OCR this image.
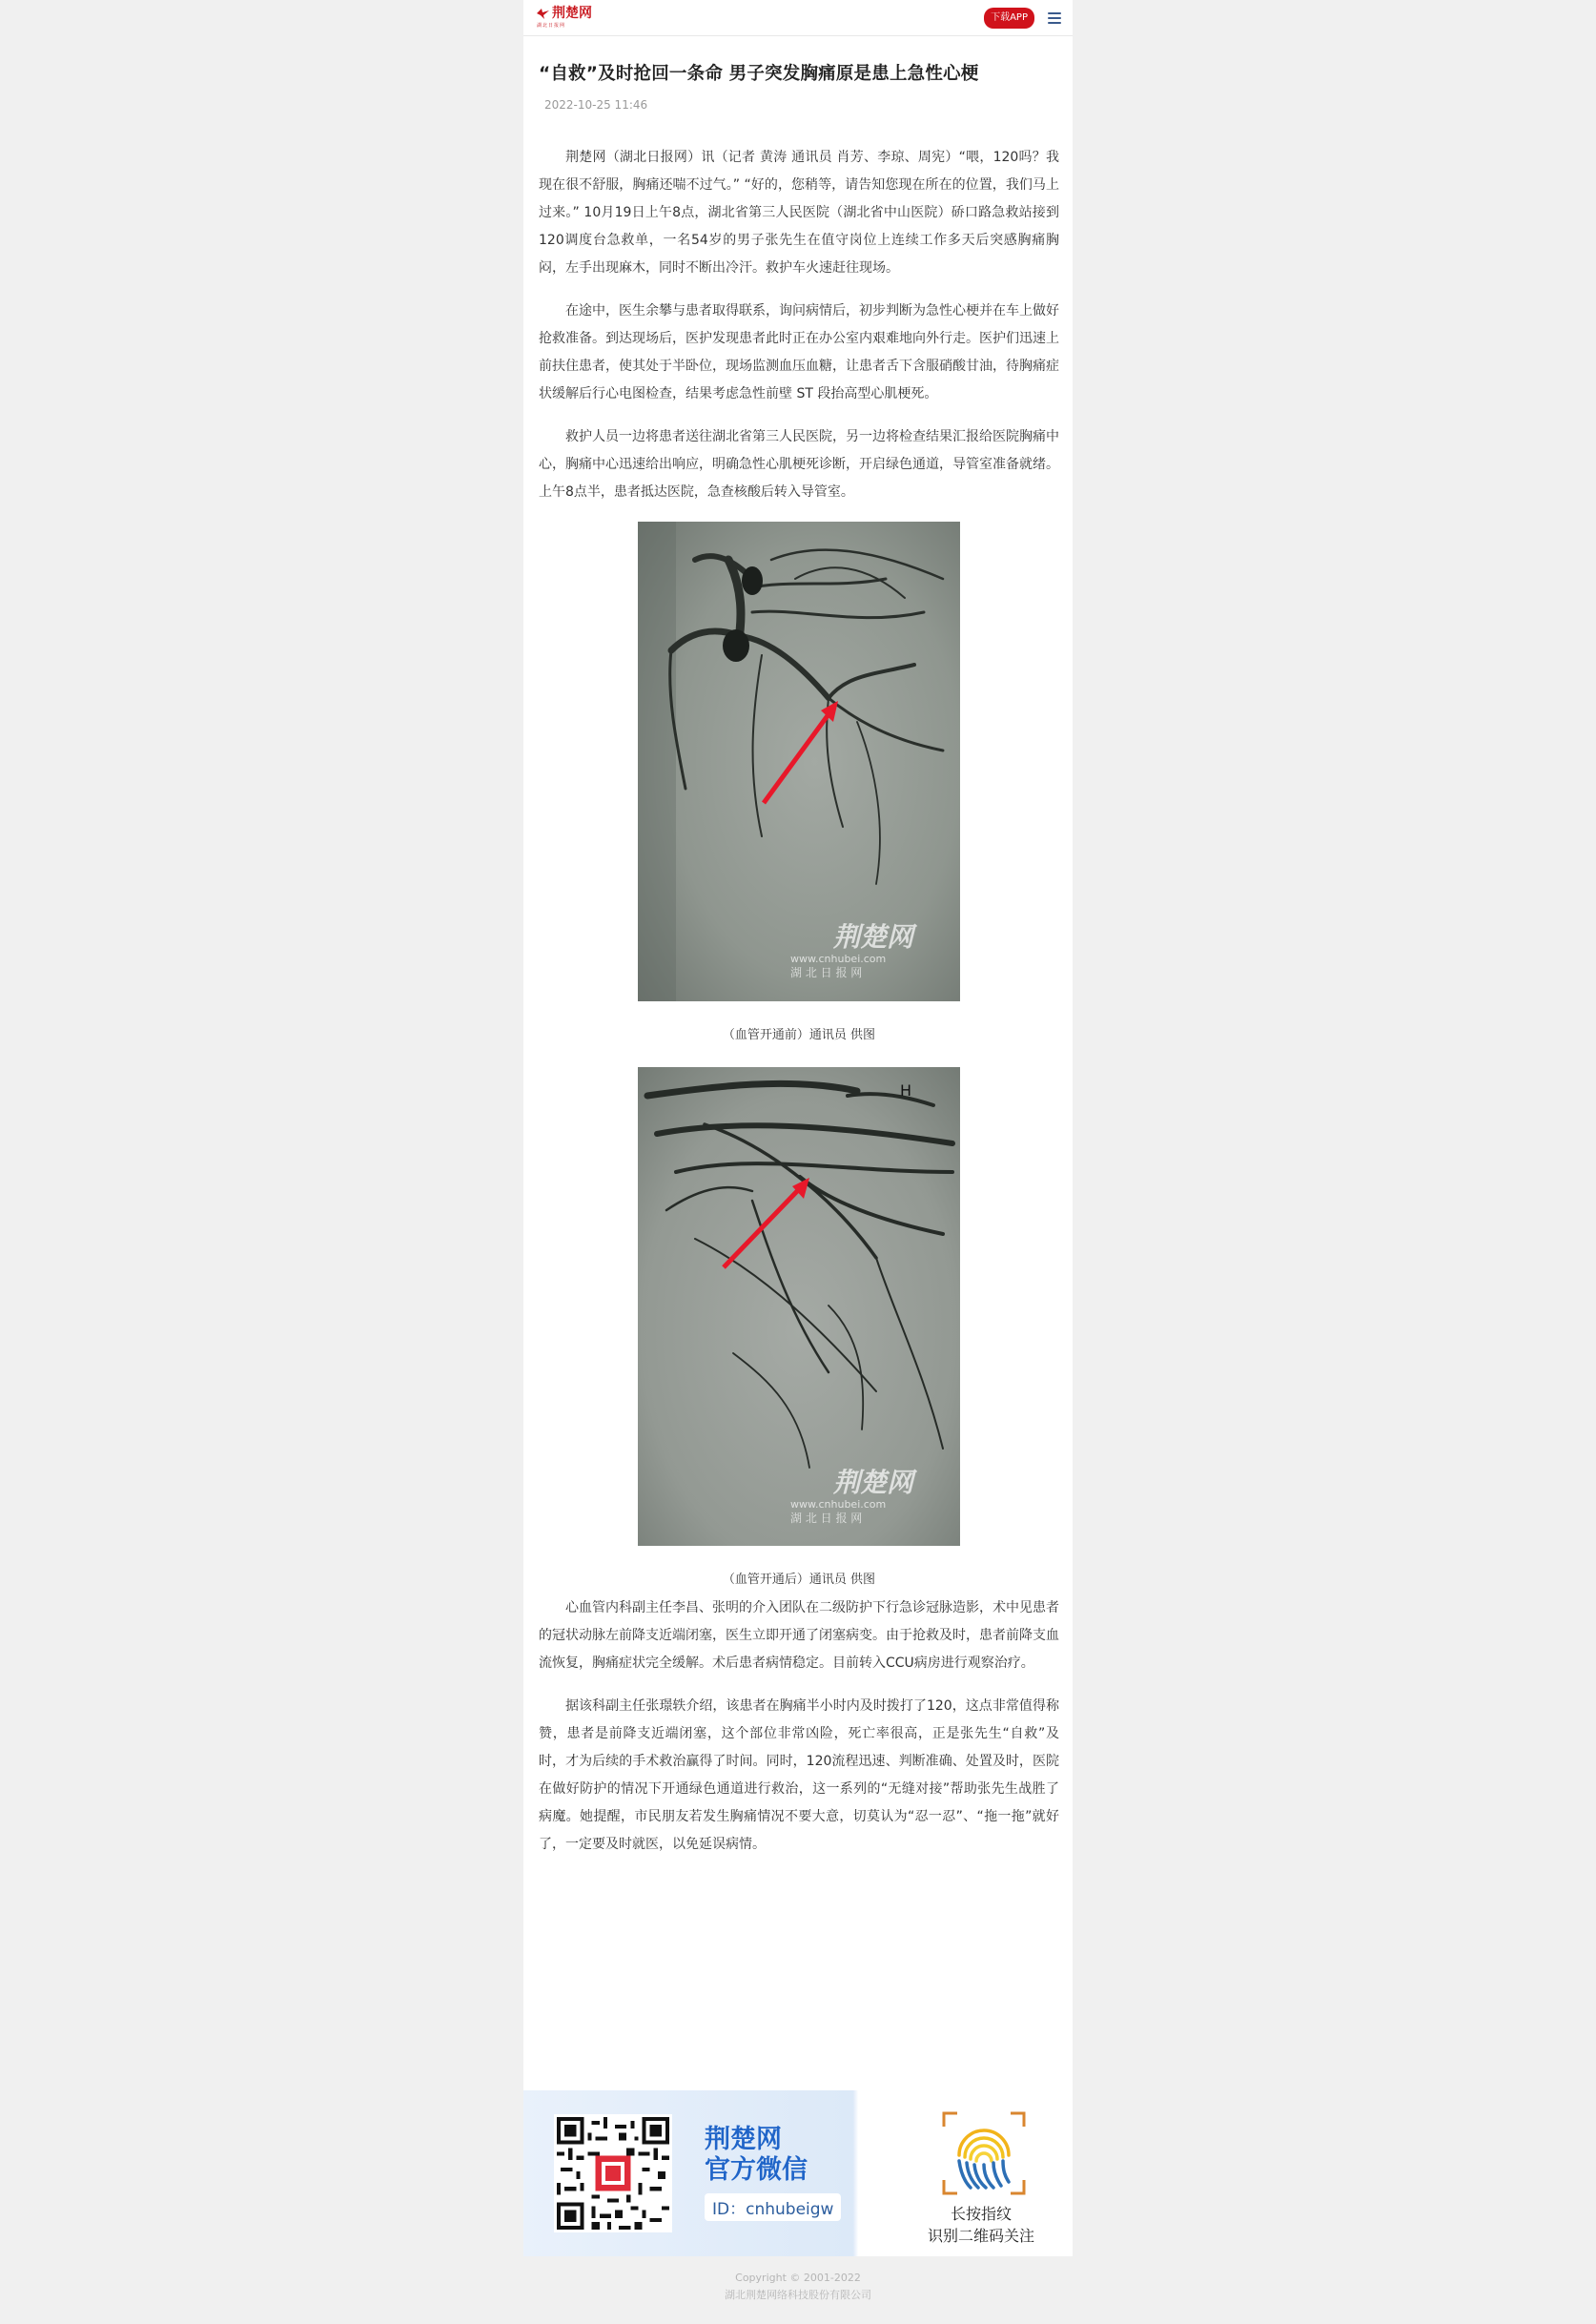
荆楚网
湖北日报网
下载APP
“自救”及时抢回一条命 男子突发胸痛原是患上急性心梗
2022-10-25 11:46

荆楚网（湖北日报网）讯（记者 黄涛 通讯员 肖芳、李琼、周宪）“喂，120吗？我现在很不舒服，胸痛还喘不过气。” “好的，您稍等，请告知您现在所在的位置，我们马上过来。” 10月19日上午8点，湖北省第三人民医院（湖北省中山医院）硚口路急救站接到120调度台急救单，一名54岁的男子张先生在值守岗位上连续工作多天后突感胸痛胸闷，左手出现麻木，同时不断出冷汗。救护车火速赶往现场。

在途中，医生余攀与患者取得联系，询问病情后，初步判断为急性心梗并在车上做好抢救准备。到达现场后，医护发现患者此时正在办公室内艰难地向外行走。医护们迅速上前扶住患者，使其处于半卧位，现场监测血压血糖，让患者舌下含服硝酸甘油，待胸痛症状缓解后行心电图检查，结果考虑急性前壁 ST 段抬高型心肌梗死。

救护人员一边将患者送往湖北省第三人民医院，另一边将检查结果汇报给医院胸痛中心，胸痛中心迅速给出响应，明确急性心肌梗死诊断，开启绿色通道，导管室准备就绪。上午8点半，患者抵达医院，急查核酸后转入导管室。

荆楚网
www.cnhubei.com
湖 北 日 报 网
（血管开通前）通讯员 供图
H
荆楚网
www.cnhubei.com
湖 北 日 报 网
（血管开通后）通讯员 供图

心血管内科副主任李昌、张明的介入团队在二级防护下行急诊冠脉造影，术中见患者的冠状动脉左前降支近端闭塞，医生立即开通了闭塞病变。由于抢救及时，患者前降支血流恢复，胸痛症状完全缓解。术后患者病情稳定。目前转入CCU病房进行观察治疗。

据该科副主任张璟轶介绍，该患者在胸痛半小时内及时拨打了120，这点非常值得称赞，患者是前降支近端闭塞，这个部位非常凶险，死亡率很高，正是张先生“自救”及时，才为后续的手术救治赢得了时间。同时，120流程迅速、判断准确、处置及时，医院在做好防护的情况下开通绿色通道进行救治，这一系列的“无缝对接”帮助张先生战胜了病魔。她提醒，市民朋友若发生胸痛情况不要大意，切莫认为“忍一忍”、“拖一拖”就好了，一定要及时就医，以免延误病情。

荆楚网
官方微信
ID：cnhubeigw	长按指纹
识别二维码关注
Copyright © 2001-2022
湖北荆楚网络科技股份有限公司
